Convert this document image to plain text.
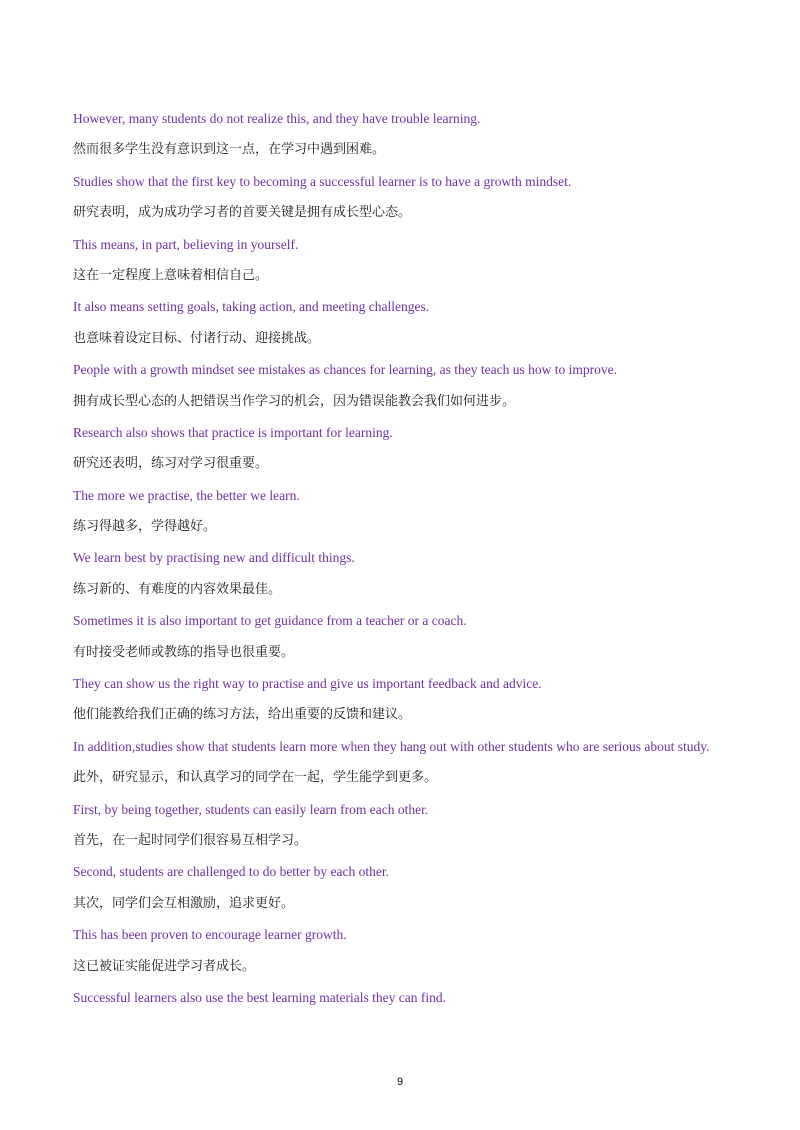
However, many students do not realize this, and they have trouble learning.

然而很多学生没有意识到这一点，在学习中遇到困难。

Studies show that the first key to becoming a successful learner is to have a growth mindset.

研究表明，成为成功学习者的首要关键是拥有成长型心态。

This means, in part, believing in yourself.

这在一定程度上意味着相信自己。

It also means setting goals, taking action, and meeting challenges.

也意味着设定目标、付诸行动、迎接挑战。

People with a growth mindset see mistakes as chances for learning, as they teach us how to improve.

拥有成长型心态的人把错误当作学习的机会，因为错误能教会我们如何进步。

Research also shows that practice is important for learning.

研究还表明，练习对学习很重要。

The more we practise, the better we learn.

练习得越多，学得越好。

We learn best by practising new and difficult things.

练习新的、有难度的内容效果最佳。

Sometimes it is also important to get guidance from a teacher or a coach.

有时接受老师或教练的指导也很重要。

They can show us the right way to practise and give us important feedback and advice.

他们能教给我们正确的练习方法，给出重要的反馈和建议。

In addition,studies show that students learn more when they hang out with other students who are serious about study.

此外，研究显示，和认真学习的同学在一起，学生能学到更多。

First, by being together, students can easily learn from each other.

首先，在一起时同学们很容易互相学习。

Second, students are challenged to do better by each other.

其次，同学们会互相激励，追求更好。

This has been proven to encourage learner growth.

这已被证实能促进学习者成长。

Successful learners also use the best learning materials they can find.

9
